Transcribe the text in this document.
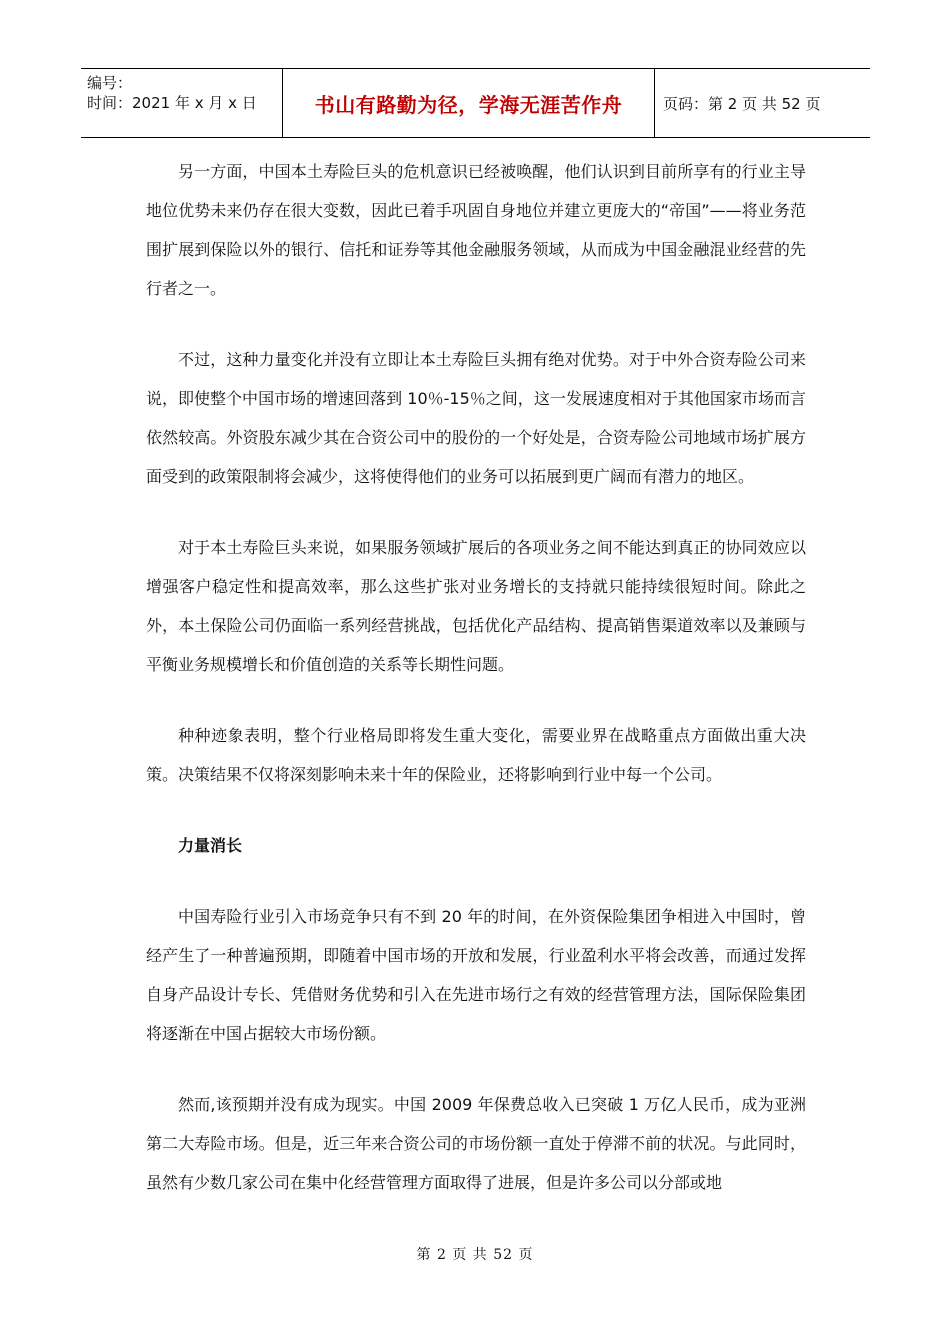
编号：
时间：2021 年 x 月 x 日	书山有路勤为径，学海无涯苦作舟	页码：第 2 页 共 52 页

另一方面，中国本土寿险巨头的危机意识已经被唤醒，他们认识到目前所享有的行业主导地位优势未来仍存在很大变数，因此已着手巩固自身地位并建立更庞大的“帝国”——将业务范围扩展到保险以外的银行、信托和证券等其他金融服务领域，从而成为中国金融混业经营的先行者之一。

不过，这种力量变化并没有立即让本土寿险巨头拥有绝对优势。对于中外合资寿险公司来说，即使整个中国市场的增速回落到 10％-15％之间，这一发展速度相对于其他国家市场而言依然较高。外资股东减少其在合资公司中的股份的一个好处是，合资寿险公司地域市场扩展方面受到的政策限制将会减少，这将使得他们的业务可以拓展到更广阔而有潜力的地区。

对于本土寿险巨头来说，如果服务领域扩展后的各项业务之间不能达到真正的协同效应以增强客户稳定性和提高效率，那么这些扩张对业务增长的支持就只能持续很短时间。除此之外，本土保险公司仍面临一系列经营挑战，包括优化产品结构、提高销售渠道效率以及兼顾与平衡业务规模增长和价值创造的关系等长期性问题。

种种迹象表明，整个行业格局即将发生重大变化，需要业界在战略重点方面做出重大决策。决策结果不仅将深刻影响未来十年的保险业，还将影响到行业中每一个公司。

力量消长

中国寿险行业引入市场竞争只有不到 20 年的时间，在外资保险集团争相进入中国时，曾经产生了一种普遍预期，即随着中国市场的开放和发展，行业盈利水平将会改善，而通过发挥自身产品设计专长、凭借财务优势和引入在先进市场行之有效的经营管理方法，国际保险集团将逐渐在中国占据较大市场份额。

然而,该预期并没有成为现实。中国 2009 年保费总收入已突破 1 万亿人民币，成为亚洲第二大寿险市场。但是，近三年来合资公司的市场份额一直处于停滞不前的状况。与此同时，虽然有少数几家公司在集中化经营管理方面取得了进展，但是许多公司以分部或地

第 2 页 共 52 页
